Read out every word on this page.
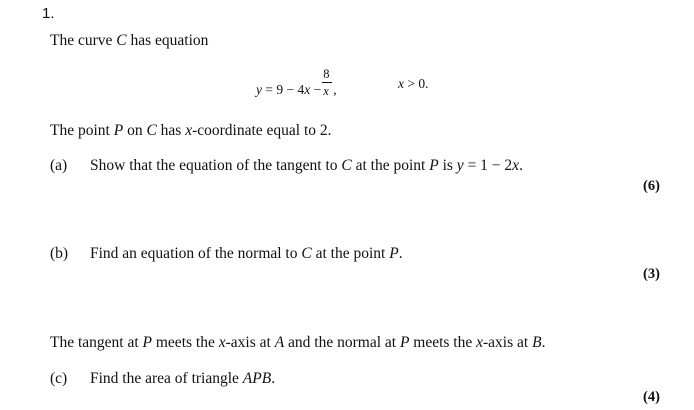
1.
The curve C has equation
$y = 9 - 4x - \frac{8}{x}$ ,	x > 0.
The point P on C has x-coordinate equal to 2.
(a) Show that the equation of the tangent to C at the point P is y = 1 − 2x.
(6)
(b) Find an equation of the normal to C at the point P.
(3)
The tangent at P meets the x-axis at A and the normal at P meets the x-axis at B.
(c) Find the area of triangle APB.
(4)
